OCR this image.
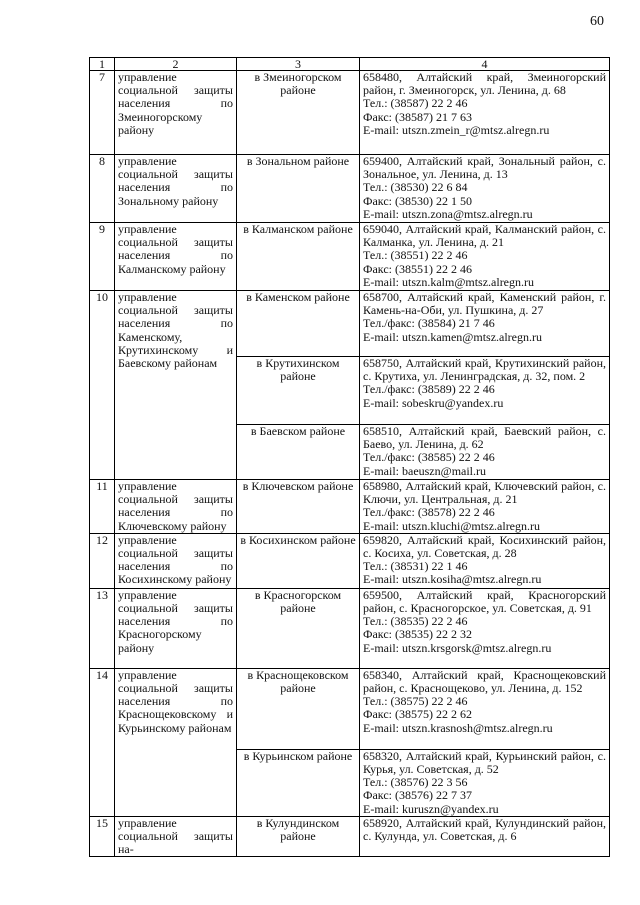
60
1	2	3	4
7	управление социальной защиты населения по Змеиногорскому району	в Змеиногорском районе	658480, Алтайский край, Змеиногорский район, г. Змеиногорск, ул. Ленина, д. 68
Тел.: (38587) 22 2 46
Факс: (38587) 21 7 63
E-mail: utszn.zmein_r@mtsz.alregn.ru

8	управление социальной защиты населения по Зональному району	в Зональном районе	659400, Алтайский край, Зональный район, с. Зональное, ул. Ленина, д. 13
Тел.: (38530) 22 6 84
Факс: (38530) 22 1 50
E-mail: utszn.zona@mtsz.alregn.ru

9	управление социальной защиты населения по Калманскому району	в Калманском районе	659040, Алтайский край, Калманский район, с. Калманка, ул. Ленина, д. 21
Тел.: (38551) 22 2 46
Факс: (38551) 22 2 46
E-mail: utszn.kalm@mtsz.alregn.ru

10	управление социальной защиты населения по Каменскому, Крутихинскому и Баевскому районам	в Каменском районе	658700, Алтайский край, Каменский район, г. Камень-на-Оби, ул. Пушкина, д. 27
Тел./факс: (38584) 21 7 46
E-mail: utszn.kamen@mtsz.alregn.ru

		в Крутихинском районе	658750, Алтайский край, Крутихинский район, с. Крутиха, ул. Ленинградская, д. 32, пом. 2
Тел./факс: (38589) 22 2 46
E-mail: sobeskru@yandex.ru

		в Баевском районе	658510, Алтайский край, Баевский район, с. Баево, ул. Ленина, д. 62
Тел./факс: (38585) 22 2 46
E-mail: baeuszn@mail.ru

11	управление социальной защиты населения по Ключевскому району	в Ключевском районе	658980, Алтайский край, Ключевский район, с. Ключи, ул. Центральная, д. 21
Тел./факс: (38578) 22 2 46
E-mail: utszn.kluchi@mtsz.alregn.ru

12	управление социальной защиты населения по Косихинскому району	в Косихинском районе	659820, Алтайский край, Косихинский район, с. Косиха, ул. Советская, д. 28
Тел.: (38531) 22 1 46
E-mail: utszn.kosiha@mtsz.alregn.ru

13	управление социальной защиты населения по Красногорскому району	в Красногорском районе	659500, Алтайский край, Красногорский район, с. Красногорское, ул. Советская, д. 91
Тел.: (38535) 22 2 46
Факс: (38535) 22 2 32
E-mail: utszn.krsgorsk@mtsz.alregn.ru

14	управление социальной защиты населения по Краснощековскому и Курьинскому районам	в Краснощековском районе	658340, Алтайский край, Краснощековский район, с. Краснощеково, ул. Ленина, д. 152
Тел.: (38575) 22 2 46
Факс: (38575) 22 2 62
E-mail: utszn.krasnosh@mtsz.alregn.ru

		в Курьинском районе	658320, Алтайский край, Курьинский район, с. Курья, ул. Советская, д. 52
Тел.: (38576) 22 3 56
Факс: (38576) 22 7 37
E-mail: kuruszn@yandex.ru

15	управление социальной защиты на-	в Кулундинском районе	658920, Алтайский край, Кулундинский район, с. Кулунда, ул. Советская, д. 6
